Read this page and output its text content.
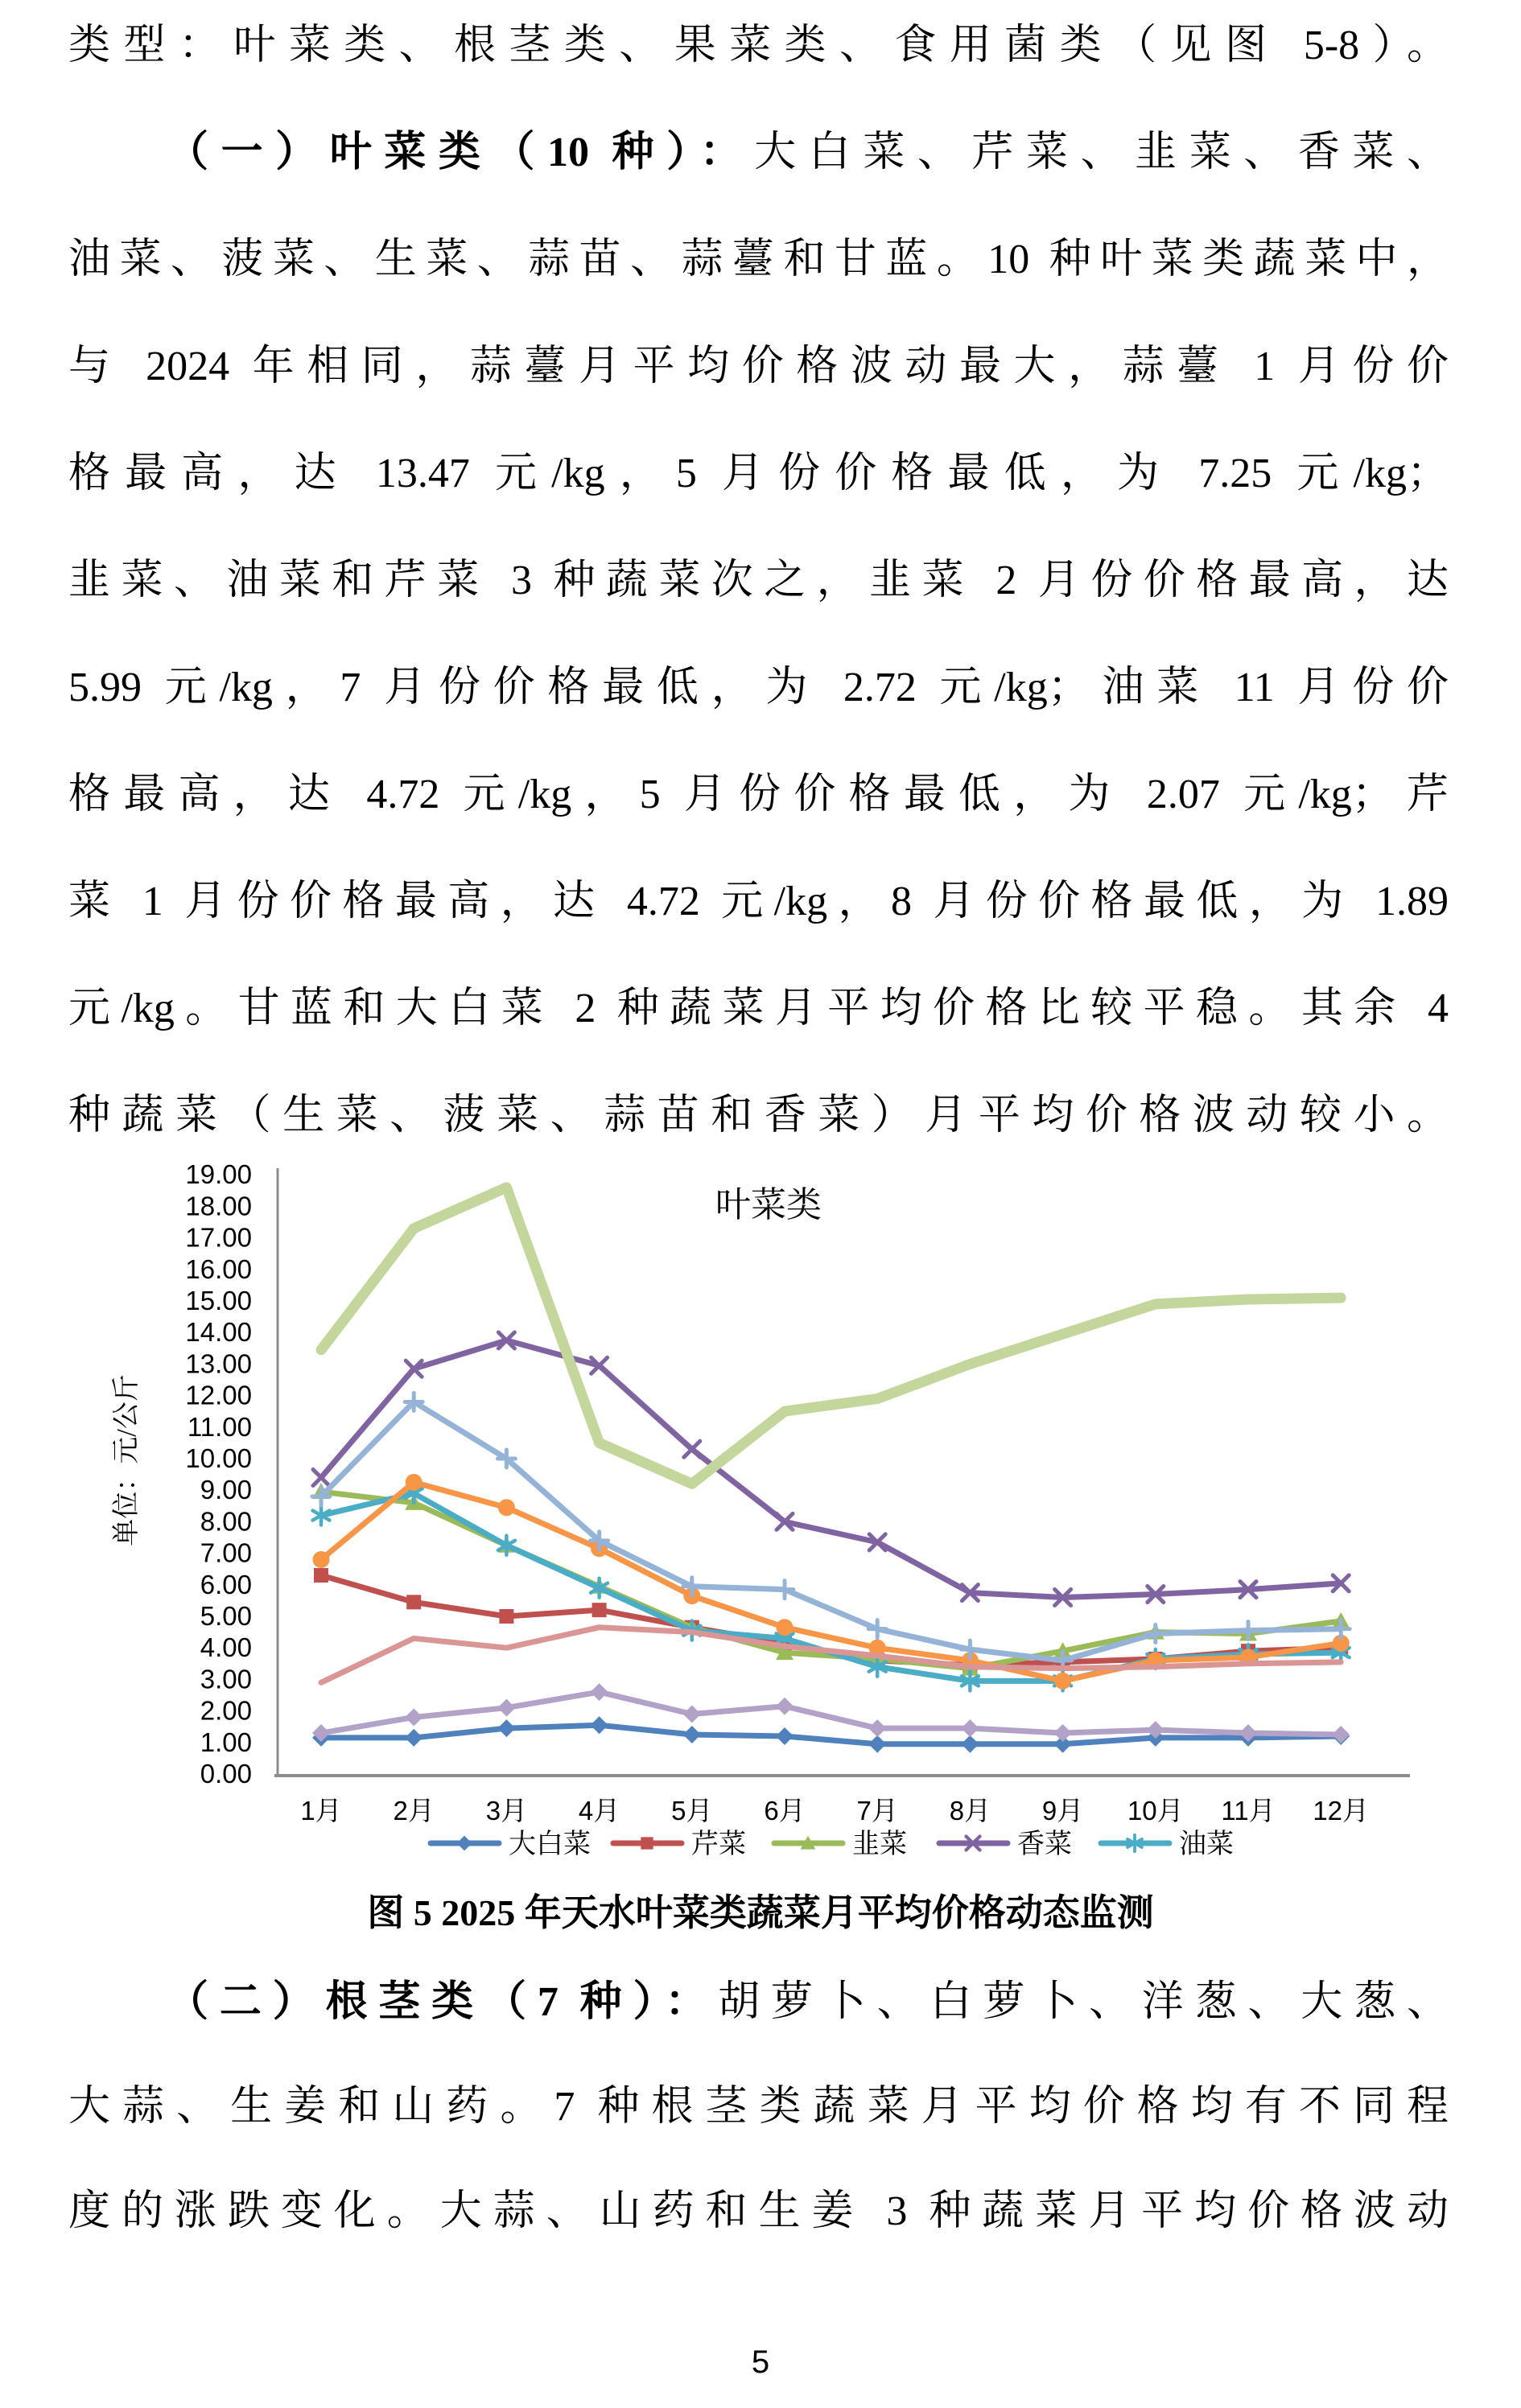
类型：叶菜类、根茎类、果菜类、食用菌类（见图 5-8）。
（一）叶菜类（10 种）：大白菜、芹菜、韭菜、香菜、
油菜、菠菜、生菜、蒜苗、蒜薹和甘蓝。10 种叶菜类蔬菜中，
与 2024 年相同，蒜薹月平均价格波动最大，蒜薹 1 月份价
格最高，达 13.47 元/kg，5 月份价格最低，为 7.25 元/kg；
韭菜、油菜和芹菜 3 种蔬菜次之，韭菜 2 月份价格最高，达
5.99 元/kg，7 月份价格最低，为 2.72 元/kg；油菜 11 月份价
格最高，达 4.72 元/kg，5 月份价格最低，为 2.07 元/kg；芹
菜 1 月份价格最高，达 4.72 元/kg，8 月份价格最低，为 1.89
元/kg。甘蓝和大白菜 2 种蔬菜月平均价格比较平稳。其余 4
种蔬菜（生菜、菠菜、蒜苗和香菜）月平均价格波动较小。
0.00
1.00
2.00
3.00
4.00
5.00
6.00
7.00
8.00
9.00
10.00
11.00
12.00
13.00
14.00
15.00
16.00
17.00
18.00
19.00
1月 2月 3月 4月 5月 6月 7月 8月 9月 10月 11月 12月
叶菜类
单位：元/公斤
大白菜	芹菜	韭菜	香菜	油菜
图 5 2025 年天水叶菜类蔬菜月平均价格动态监测
（二）根茎类（7 种）：胡萝卜、白萝卜、洋葱、大葱、
大蒜、生姜和山药。7 种根茎类蔬菜月平均价格均有不同程
度的涨跌变化。大蒜、山药和生姜 3 种蔬菜月平均价格波动
5
